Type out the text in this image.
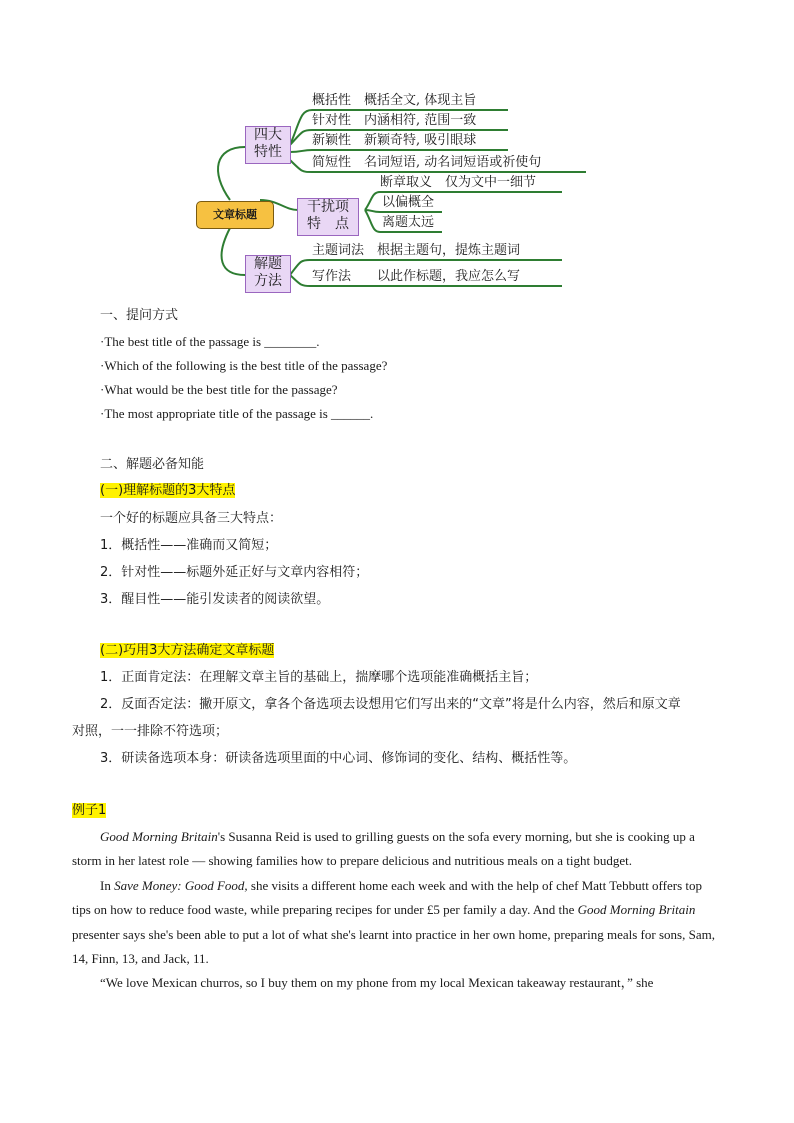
文章标题
四大
特性
干扰项
特　点
解题
方法
概括性　 概括全文, 体现主旨
针对性　 内涵相符, 范围一致
新颖性　 新颖奇特, 吸引眼球
简短性　 名词短语, 动名词短语或祈使句
断章取义　 仅为文中一细节
以偏概全
离题太远
主题词法　 根据主题句，提炼主题词
写作法　　 以此作标题，我应怎么写
一、提问方式
·The best title of the passage is ________.
·Which of the following is the best title of the passage?
·What would be the best title for the passage?
·The most appropriate title of the passage is ______.
二、解题必备知能
(一)理解标题的3大特点
一个好的标题应具备三大特点：
1．概括性——准确而又简短；
2．针对性——标题外延正好与文章内容相符；
3．醒目性——能引发读者的阅读欲望。
(二)巧用3大方法确定文章标题
1．正面肯定法：在理解文章主旨的基础上，揣摩哪个选项能准确概括主旨；
2．反面否定法：撇开原文，拿各个备选项去设想用它们写出来的“文章”将是什么内容，然后和原文章
对照，一一排除不符选项；
3．研读备选项本身：研读备选项里面的中心词、修饰词的变化、结构、概括性等。
例子1

Good Morning Britain's Susanna Reid is used to grilling guests on the sofa every morning, but she is cooking up a storm in her latest role — showing families how to prepare delicious and nutritious meals on a tight budget.

In Save Money: Good Food, she visits a different home each week and with the help of chef Matt Tebbutt offers top tips on how to reduce food waste, while preparing recipes for under £5 per family a day. And the Good Morning Britain presenter says she's been able to put a lot of what she's learnt into practice in her own home, preparing meals for sons, Sam, 14, Finn, 13, and Jack, 11.

“We love Mexican churros, so I buy them on my phone from my local Mexican takeaway restaurant，” she
